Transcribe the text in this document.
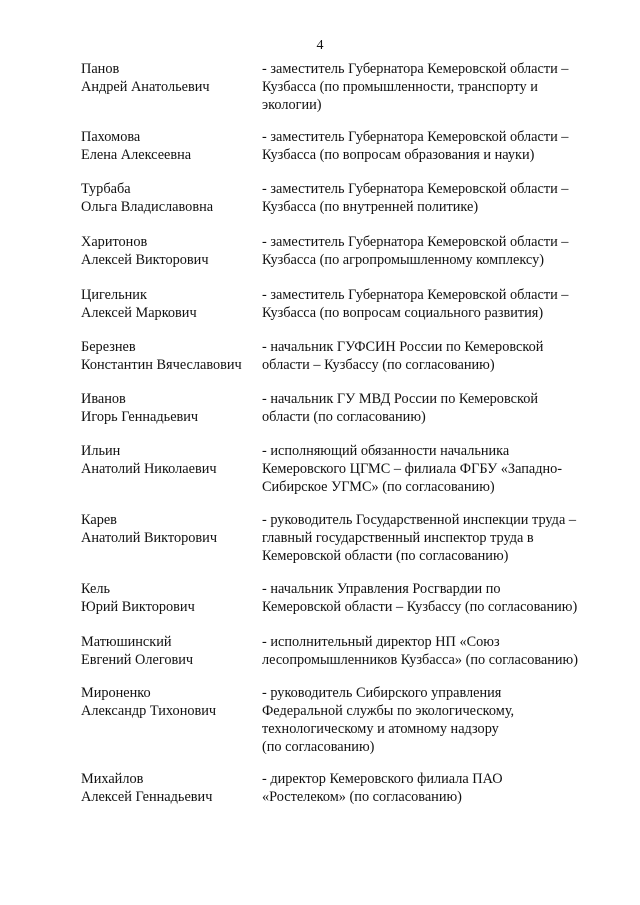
4
Панов
Андрей Анатольевич
- заместитель Губернатора Кемеровской области –
Кузбасса (по промышленности, транспорту и
экологии)
Пахомова
Елена Алексеевна
- заместитель Губернатора Кемеровской области –
Кузбасса (по вопросам образования и науки)
Турбаба
Ольга Владиславовна
- заместитель Губернатора Кемеровской области –
Кузбасса (по внутренней политике)
Харитонов
Алексей Викторович
- заместитель Губернатора Кемеровской области –
Кузбасса (по агропромышленному комплексу)
Цигельник
Алексей Маркович
- заместитель Губернатора Кемеровской области –
Кузбасса (по вопросам социального развития)
Березнев
Константин Вячеславович
- начальник ГУФСИН России по Кемеровской
области – Кузбассу (по согласованию)
Иванов
Игорь Геннадьевич
- начальник ГУ МВД России по Кемеровской
области (по согласованию)
Ильин
Анатолий Николаевич
- исполняющий обязанности начальника
Кемеровского ЦГМС – филиала ФГБУ «Западно-
Сибирское УГМС» (по согласованию)
Карев
Анатолий Викторович
- руководитель Государственной инспекции труда –
главный государственный инспектор труда в
Кемеровской области (по согласованию)
Кель
Юрий Викторович
- начальник Управления Росгвардии по
Кемеровской области – Кузбассу (по согласованию)
Матюшинский
Евгений Олегович
- исполнительный директор НП «Союз
лесопромышленников Кузбасса» (по согласованию)
Мироненко
Александр Тихонович
- руководитель Сибирского управления
Федеральной службы по экологическому,
технологическому и атомному надзору
(по согласованию)
Михайлов
Алексей Геннадьевич
- директор Кемеровского филиала ПАО
«Ростелеком» (по согласованию)
